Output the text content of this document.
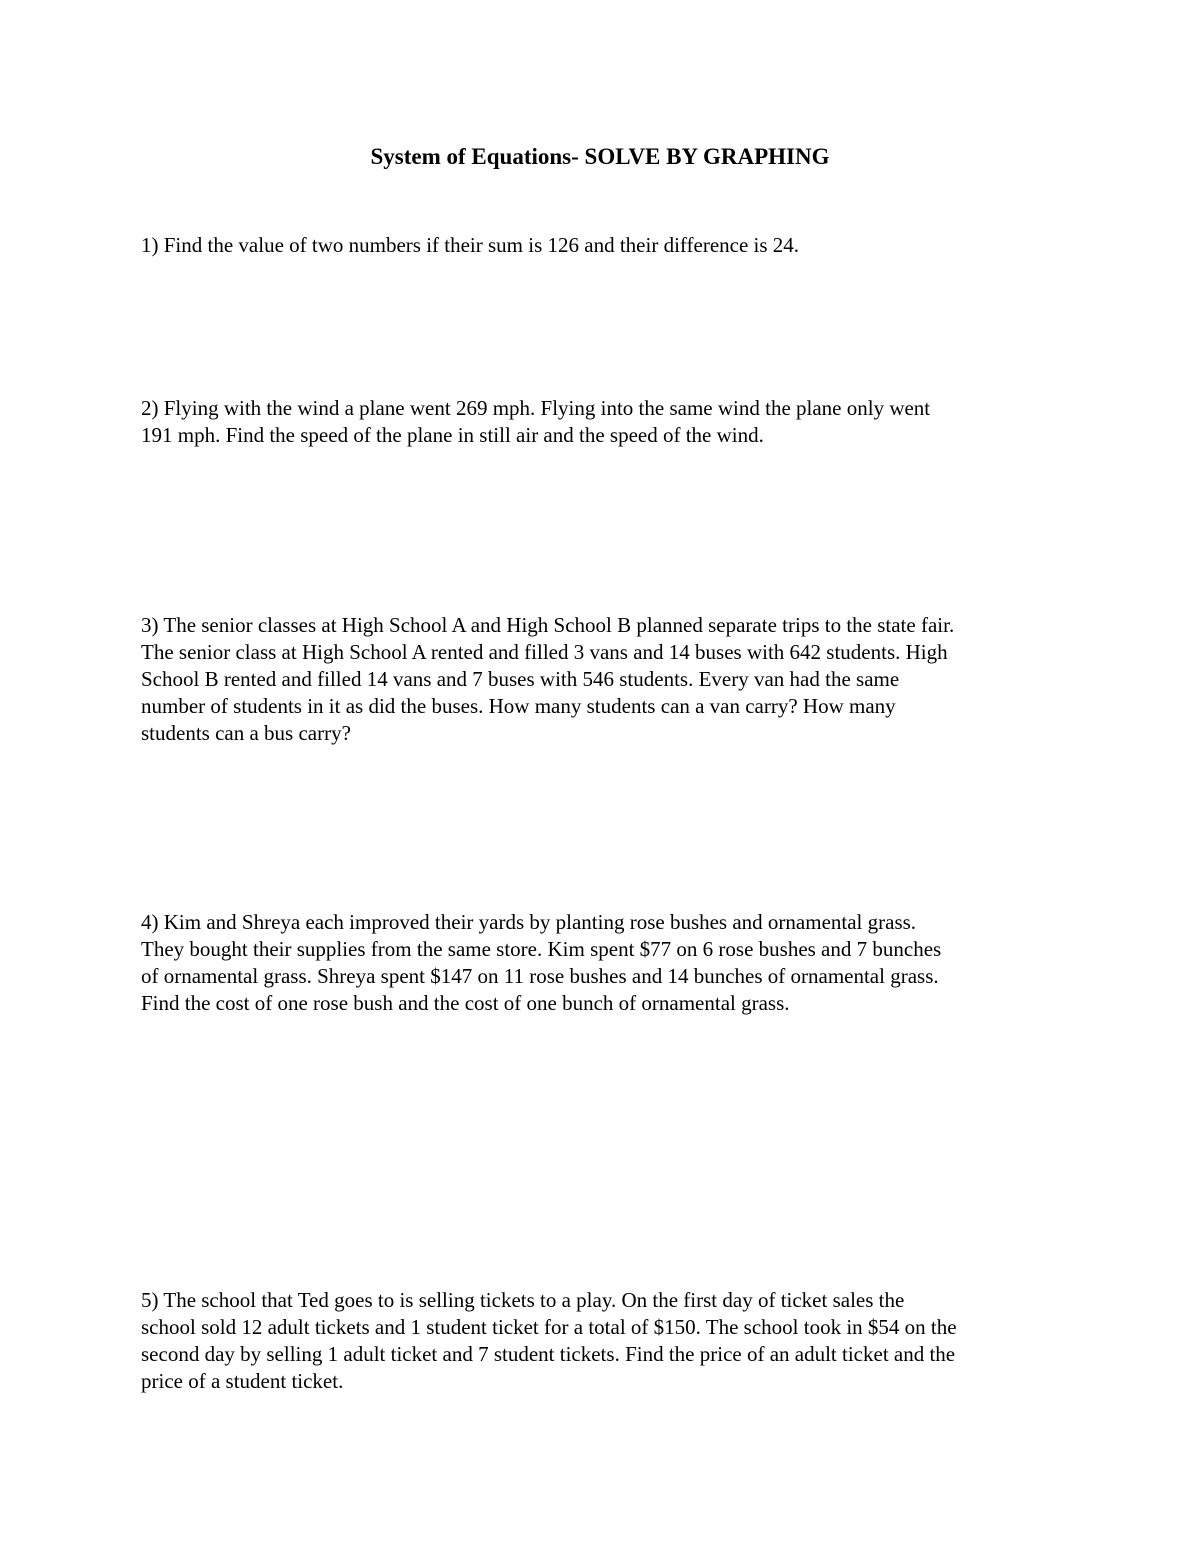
System of Equations- SOLVE BY GRAPHING

1) Find the value of two numbers if their sum is 126 and their difference is 24.

2) Flying with the wind a plane went 269 mph. Flying into the same wind the plane only went
191 mph. Find the speed of the plane in still air and the speed of the wind.

3) The senior classes at High School A and High School B planned separate trips to the state fair.
The senior class at High School A rented and filled 3 vans and 14 buses with 642 students. High
School B rented and filled 14 vans and 7 buses with 546 students. Every van had the same
number of students in it as did the buses. How many students can a van carry? How many
students can a bus carry?

4) Kim and Shreya each improved their yards by planting rose bushes and ornamental grass.
They bought their supplies from the same store. Kim spent $77 on 6 rose bushes and 7 bunches
of ornamental grass. Shreya spent $147 on 11 rose bushes and 14 bunches of ornamental grass.
Find the cost of one rose bush and the cost of one bunch of ornamental grass.

5) The school that Ted goes to is selling tickets to a play. On the first day of ticket sales the
school sold 12 adult tickets and 1 student ticket for a total of $150. The school took in $54 on the
second day by selling 1 adult ticket and 7 student tickets. Find the price of an adult ticket and the
price of a student ticket.
